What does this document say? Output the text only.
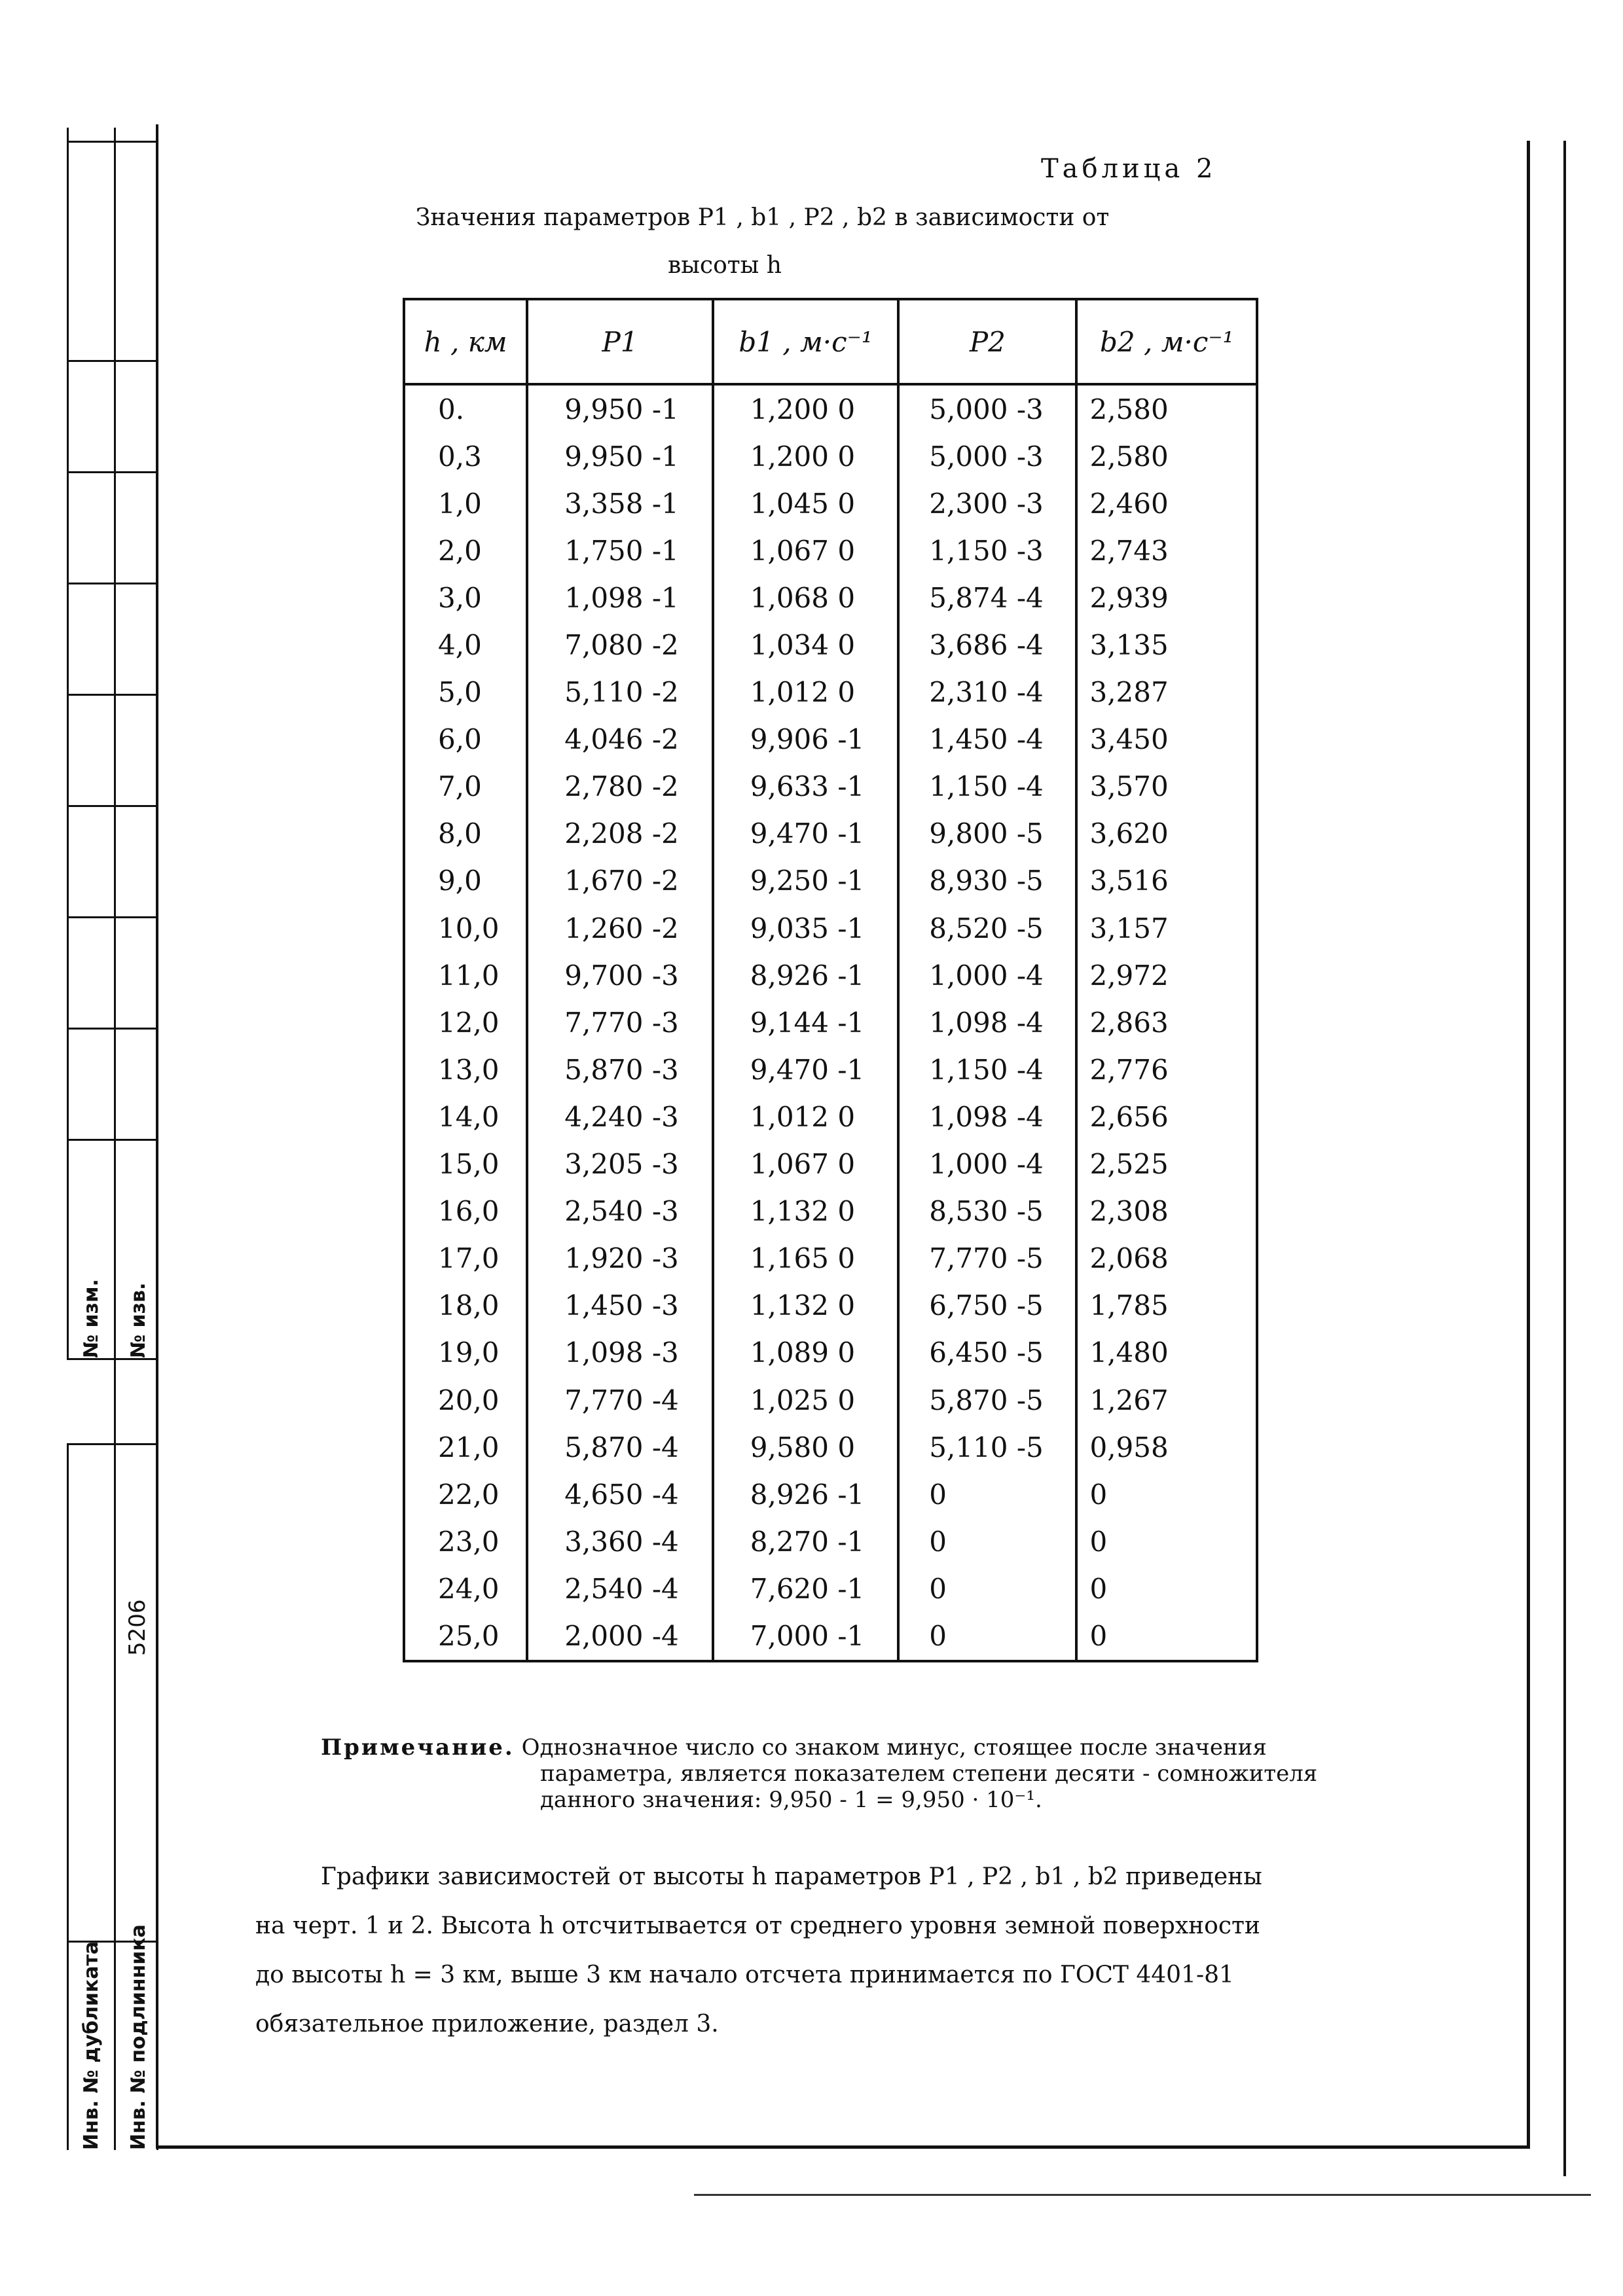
№ изм. № изв.
Инв. № дубликата Инв. № подлинника
5206
Таблица 2
Значения параметров P1 , b1 , P2 , b2 в зависимости от
высоты h
h , км	P1	b1 , м·с⁻¹	P2	b2 , м·с⁻¹
0.	9,950 -1	1,200 0	5,000 -3	2,580
0,3	9,950 -1	1,200 0	5,000 -3	2,580
1,0	3,358 -1	1,045 0	2,300 -3	2,460
2,0	1,750 -1	1,067 0	1,150 -3	2,743
3,0	1,098 -1	1,068 0	5,874 -4	2,939
4,0	7,080 -2	1,034 0	3,686 -4	3,135
5,0	5,110 -2	1,012 0	2,310 -4	3,287
6,0	4,046 -2	9,906 -1	1,450 -4	3,450
7,0	2,780 -2	9,633 -1	1,150 -4	3,570
8,0	2,208 -2	9,470 -1	9,800 -5	3,620
9,0	1,670 -2	9,250 -1	8,930 -5	3,516
10,0	1,260 -2	9,035 -1	8,520 -5	3,157
11,0	9,700 -3	8,926 -1	1,000 -4	2,972
12,0	7,770 -3	9,144 -1	1,098 -4	2,863
13,0	5,870 -3	9,470 -1	1,150 -4	2,776
14,0	4,240 -3	1,012 0	1,098 -4	2,656
15,0	3,205 -3	1,067 0	1,000 -4	2,525
16,0	2,540 -3	1,132 0	8,530 -5	2,308
17,0	1,920 -3	1,165 0	7,770 -5	2,068
18,0	1,450 -3	1,132 0	6,750 -5	1,785
19,0	1,098 -3	1,089 0	6,450 -5	1,480
20,0	7,770 -4	1,025 0	5,870 -5	1,267
21,0	5,870 -4	9,580 0	5,110 -5	0,958
22,0	4,650 -4	8,926 -1	0	0
23,0	3,360 -4	8,270 -1	0	0
24,0	2,540 -4	7,620 -1	0	0
25,0	2,000 -4	7,000 -1	0	0
Примечание. Однозначное число со знаком минус, стоящее после значения
параметра, является показателем степени десяти - сомножителя
данного значения: 9,950 - 1 = 9,950 · 10⁻¹.
Графики зависимостей от высоты h параметров P1 , P2 , b1 , b2 приведены
на черт. 1 и 2. Высота h отсчитывается от среднего уровня земной поверхности
до высоты h = 3 км, выше 3 км начало отсчета принимается по ГОСТ 4401-81
обязательное приложение, раздел 3.
